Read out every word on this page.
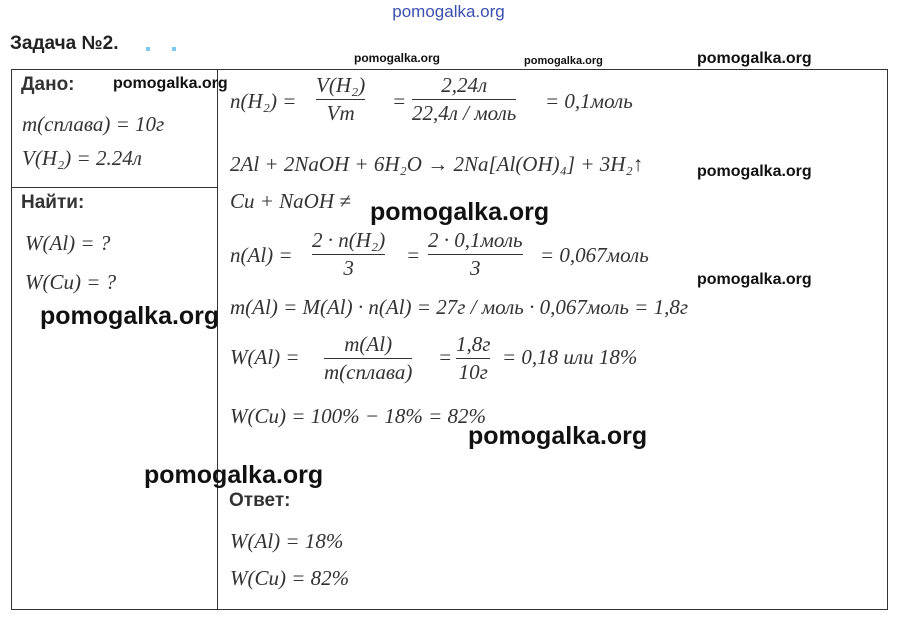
pomogalka.org
Задача №2.
Дано:
m(сплава) = 10г
V(H₂) = 2.24л
Найти:
W(Al) = ?
W(Cu) = ?
n(H₂) =
V(H₂)
Vm =
2,24л
22,4л / моль = 0,1моль
2Al + 2NaOH + 6H₂O → 2Na[Al(OH)₄] + 3H₂↑
Cu + NaOH ≠
n(Al) =
2 · n(H₂)
3
=
2 · 0,1моль
3
= 0,067моль
m(Al) = M(Al) · n(Al) = 27г / моль · 0,067моль = 1,8г
W(Al) =
m(Al)
m(сплава)
=
1,8г
10г
= 0,18 или 18%
W(Cu) = 100% − 18% = 82%
Ответ:
W(Al) = 18%
W(Cu) = 82%
pomogalka.org	pomogalka.org	pomogalka.org
pomogalka.org
pomogalka.org
pomogalka.org
pomogalka.org
pomogalka.org
pomogalka.org
pomogalka.org
